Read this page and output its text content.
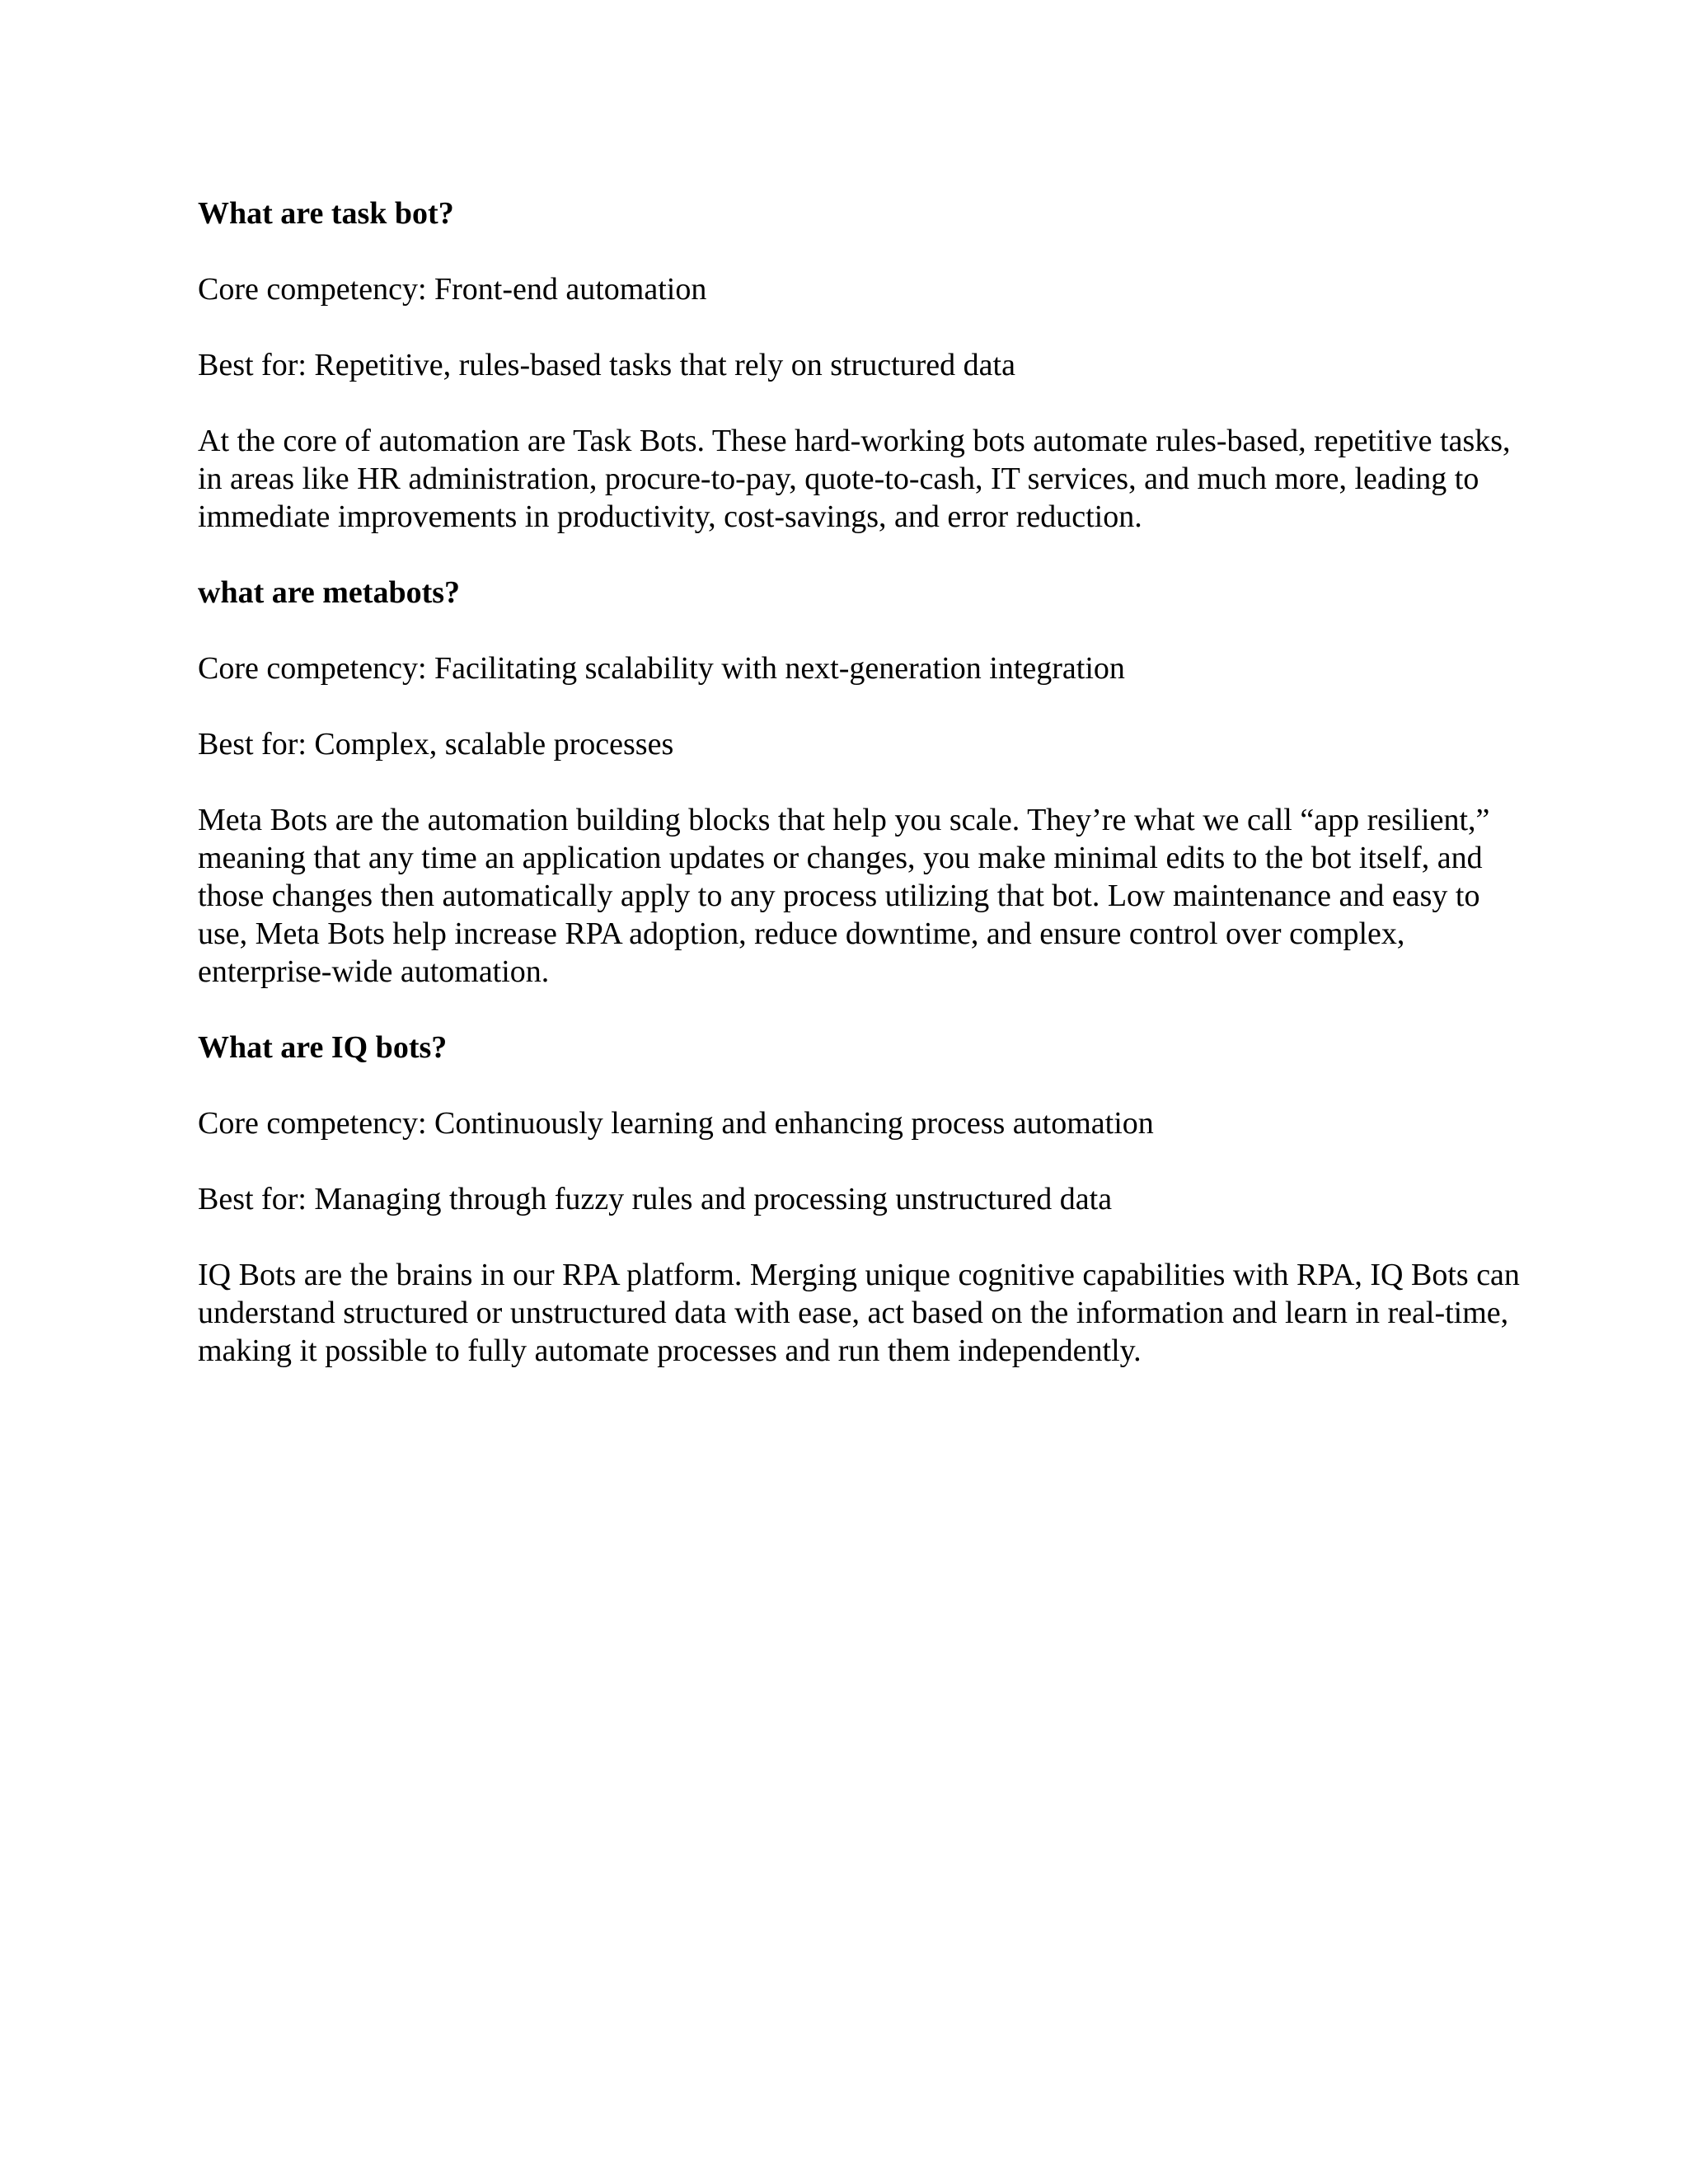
What are task bot?
Core competency: Front-end automation
Best for: Repetitive, rules-based tasks that rely on structured data
At the core of automation are Task Bots. These hard-working bots automate rules-based, repetitive tasks, in areas like HR administration, procure-to-pay, quote-to-cash, IT services, and much more, leading to immediate improvements in productivity, cost-savings, and error reduction.
what are metabots?
Core competency: Facilitating scalability with next-generation integration
Best for: Complex, scalable processes
Meta Bots are the automation building blocks that help you scale. They’re what we call “app resilient,” meaning that any time an application updates or changes, you make minimal edits to the bot itself, and those changes then automatically apply to any process utilizing that bot. Low maintenance and easy to use, Meta Bots help increase RPA adoption, reduce downtime, and ensure control over complex, enterprise-wide automation.
What are IQ bots?
Core competency: Continuously learning and enhancing process automation
Best for: Managing through fuzzy rules and processing unstructured data
IQ Bots are the brains in our RPA platform. Merging unique cognitive capabilities with RPA, IQ Bots can understand structured or unstructured data with ease, act based on the information and learn in real-time, making it possible to fully automate processes and run them independently.
